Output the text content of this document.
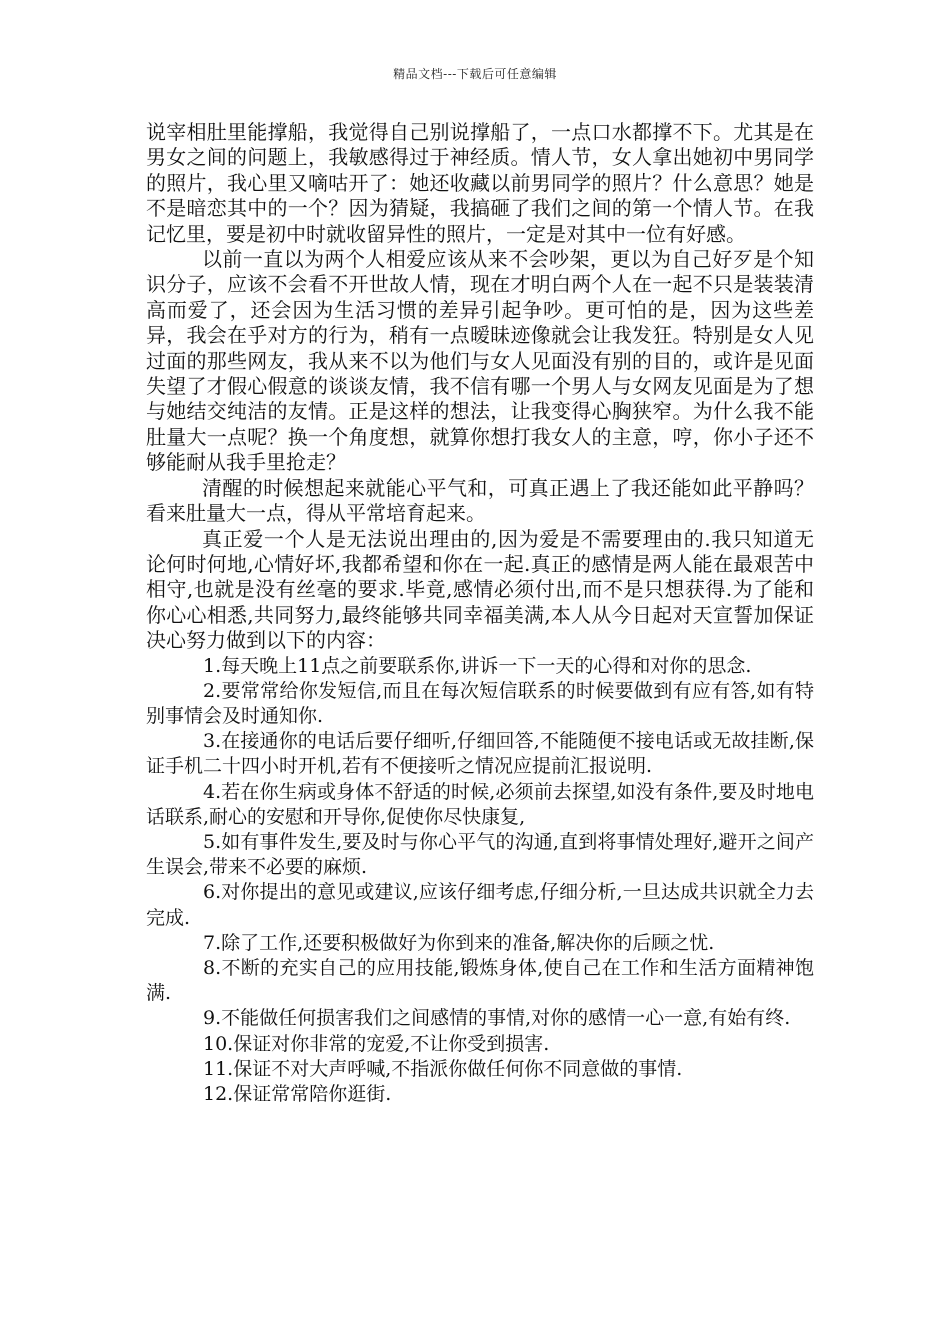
精品文档---下载后可任意编辑

说宰相肚里能撑船，我觉得自己别说撑船了，一点口水都撑不下。尤其是在男女之间的问题上，我敏感得过于神经质。情人节，女人拿出她初中男同学的照片，我心里又嘀咕开了：她还收藏以前男同学的照片？什么意思？她是不是暗恋其中的一个？因为猜疑，我搞砸了我们之间的第一个情人节。在我记忆里，要是初中时就收留异性的照片，一定是对其中一位有好感。

以前一直以为两个人相爱应该从来不会吵架，更以为自己好歹是个知识分子，应该不会看不开世故人情，现在才明白两个人在一起不只是装装清高而爱了，还会因为生活习惯的差异引起争吵。更可怕的是，因为这些差异，我会在乎对方的行为，稍有一点暧昧迹像就会让我发狂。特别是女人见过面的那些网友，我从来不以为他们与女人见面没有别的目的，或许是见面失望了才假心假意的谈谈友情，我不信有哪一个男人与女网友见面是为了想与她结交纯洁的友情。正是这样的想法，让我变得心胸狭窄。为什么我不能肚量大一点呢？换一个角度想，就算你想打我女人的主意，哼，你小子还不够能耐从我手里抢走？

清醒的时候想起来就能心平气和，可真正遇上了我还能如此平静吗？看来肚量大一点，得从平常培育起来。

真正爱一个人是无法说出理由的,因为爱是不需要理由的.我只知道无论何时何地,心情好坏,我都希望和你在一起.真正的感情是两人能在最艰苦中相守,也就是没有丝毫的要求.毕竟,感情必须付出,而不是只想获得.为了能和你心心相悉,共同努力,最终能够共同幸福美满,本人从今日起对天宣誓加保证决心努力做到以下的内容：

1.每天晚上11点之前要联系你,讲诉一下一天的心得和对你的思念.

2.要常常给你发短信,而且在每次短信联系的时候要做到有应有答,如有特别事情会及时通知你.

3.在接通你的电话后要仔细听,仔细回答,不能随便不接电话或无故挂断,保证手机二十四小时开机,若有不便接听之情况应提前汇报说明.

4.若在你生病或身体不舒适的时候,必须前去探望,如没有条件,要及时地电话联系,耐心的安慰和开导你,促使你尽快康复,

5.如有事件发生,要及时与你心平气的沟通,直到将事情处理好,避开之间产生误会,带来不必要的麻烦.

6.对你提出的意见或建议,应该仔细考虑,仔细分析,一旦达成共识就全力去完成.

7.除了工作,还要积极做好为你到来的准备,解决你的后顾之忧.

8.不断的充实自己的应用技能,锻炼身体,使自己在工作和生活方面精神饱满.

9.不能做任何损害我们之间感情的事情,对你的感情一心一意,有始有终.

10.保证对你非常的宠爱,不让你受到损害.

11.保证不对大声呼喊,不指派你做任何你不同意做的事情.

12.保证常常陪你逛街.
